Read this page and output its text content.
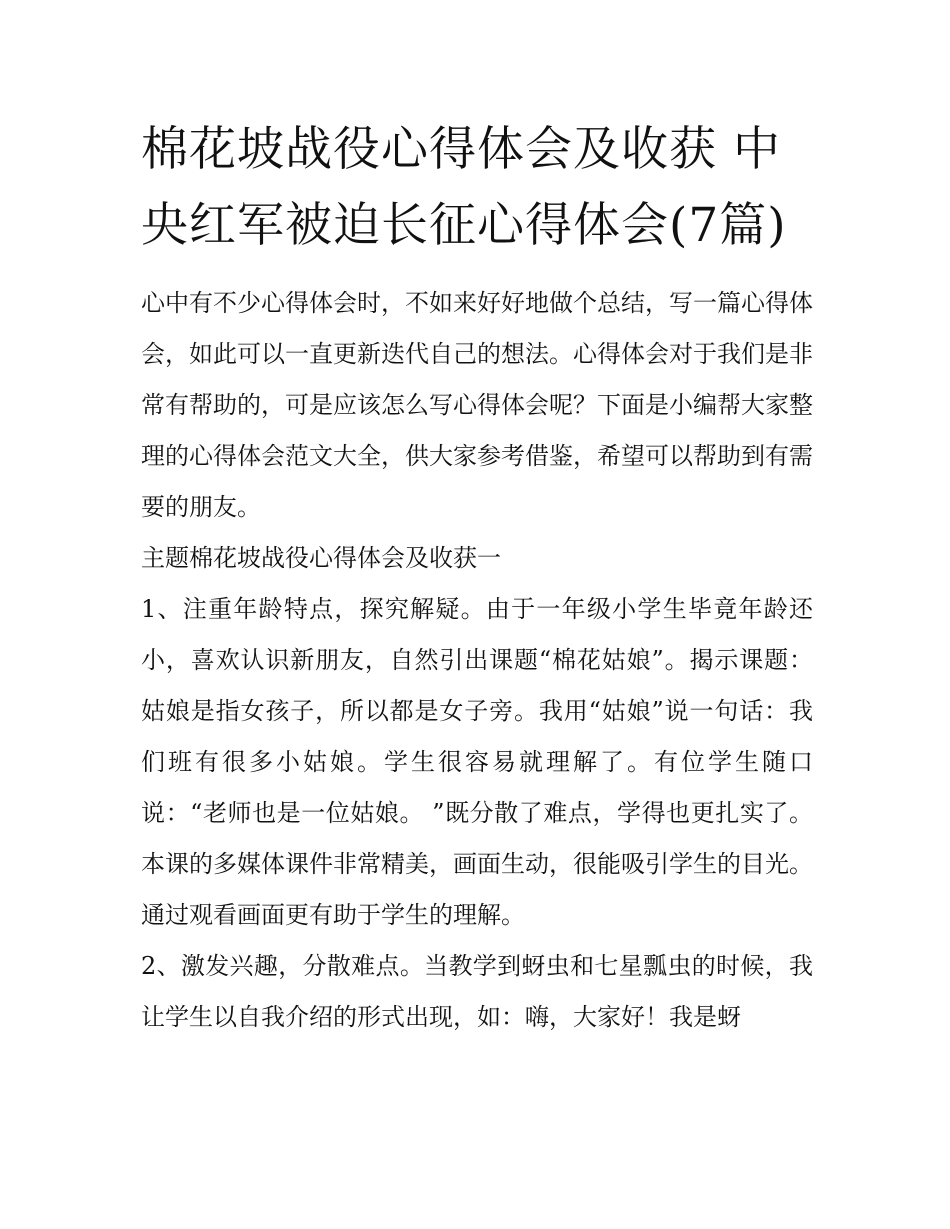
棉花坡战役心得体会及收获 中央红军被迫长征心得体会(7篇)

心中有不少心得体会时，不如来好好地做个总结，写一篇心得体会，如此可以一直更新迭代自己的想法。心得体会对于我们是非常有帮助的，可是应该怎么写心得体会呢？下面是小编帮大家整理的心得体会范文大全，供大家参考借鉴，希望可以帮助到有需要的朋友。

主题棉花坡战役心得体会及收获一

1、注重年龄特点，探究解疑。由于一年级小学生毕竟年龄还小，喜欢认识新朋友，自然引出课题“棉花姑娘”。揭示课题：姑娘是指女孩子，所以都是女子旁。我用“姑娘”说一句话：我们班有很多小姑娘。学生很容易就理解了。有位学生随口说：“老师也是一位姑娘。 ”既分散了难点，学得也更扎实了。本课的多媒体课件非常精美，画面生动，很能吸引学生的目光。通过观看画面更有助于学生的理解。

2、激发兴趣，分散难点。当教学到蚜虫和七星瓢虫的时候，我让学生以自我介绍的形式出现，如：嗨，大家好！我是蚜
